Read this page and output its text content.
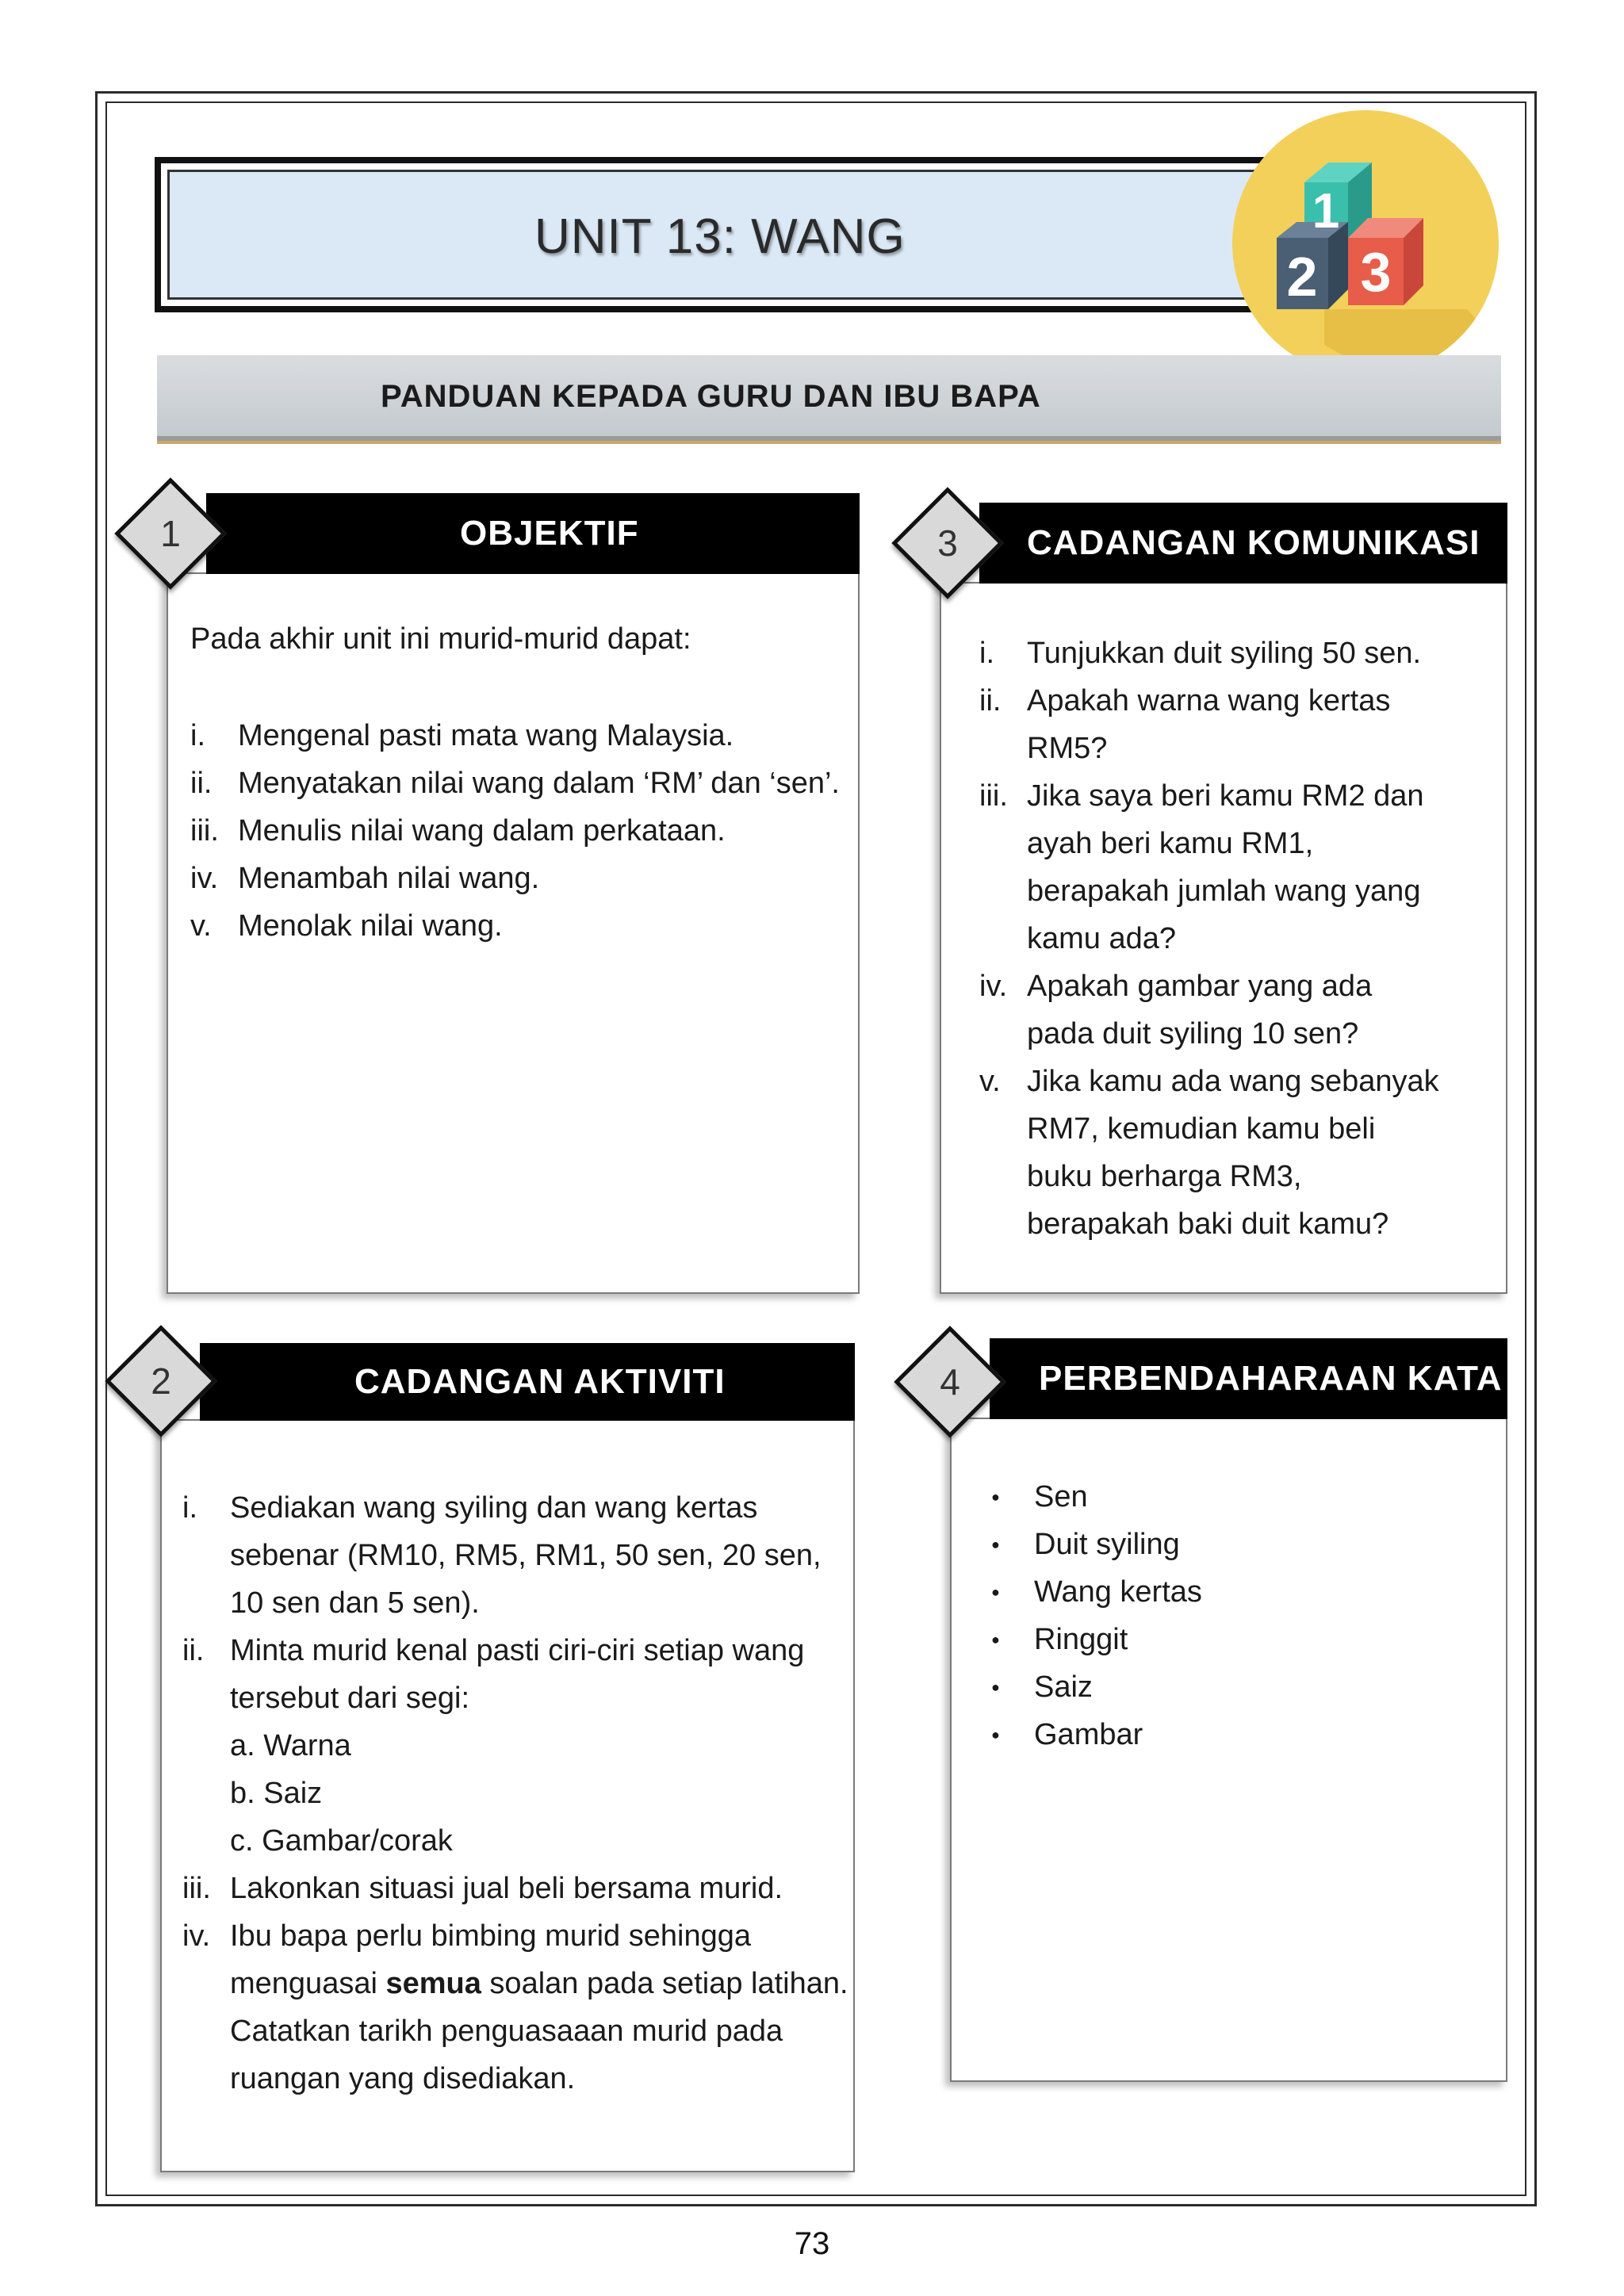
UNIT 13: WANG	1
2 3
PANDUAN KEPADA GURU DAN IBU BAPA
OBJEKTIF
1
Pada akhir unit ini murid-murid dapat:
i. Mengenal pasti mata wang Malaysia.
ii. Menyatakan nilai wang dalam ‘RM’ dan ‘sen’.
iii. Menulis nilai wang dalam perkataan.
iv. Menambah nilai wang.
v. Menolak nilai wang.
CADANGAN KOMUNIKASI
3
i. Tunjukkan duit syiling 50 sen.
ii. Apakah warna wang kertas
RM5?
iii. Jika saya beri kamu RM2 dan
ayah beri kamu RM1,
berapakah jumlah wang yang
kamu ada?
iv. Apakah gambar yang ada
pada duit syiling 10 sen?
v. Jika kamu ada wang sebanyak
RM7, kemudian kamu beli
buku berharga RM3,
berapakah baki duit kamu?
CADANGAN AKTIVITI
2
i. Sediakan wang syiling dan wang kertas
sebenar (RM10, RM5, RM1, 50 sen, 20 sen,
10 sen dan 5 sen).
ii. Minta murid kenal pasti ciri-ciri setiap wang
tersebut dari segi:
a. Warna
b. Saiz
c. Gambar/corak
iii. Lakonkan situasi jual beli bersama murid.
iv. Ibu bapa perlu bimbing murid sehingga
menguasai semua soalan pada setiap latihan.
Catatkan tarikh penguasaaan murid pada
ruangan yang disediakan.
PERBENDAHARAAN KATA
4
● Sen
● Duit syiling
● Wang kertas
● Ringgit
● Saiz
● Gambar
73
